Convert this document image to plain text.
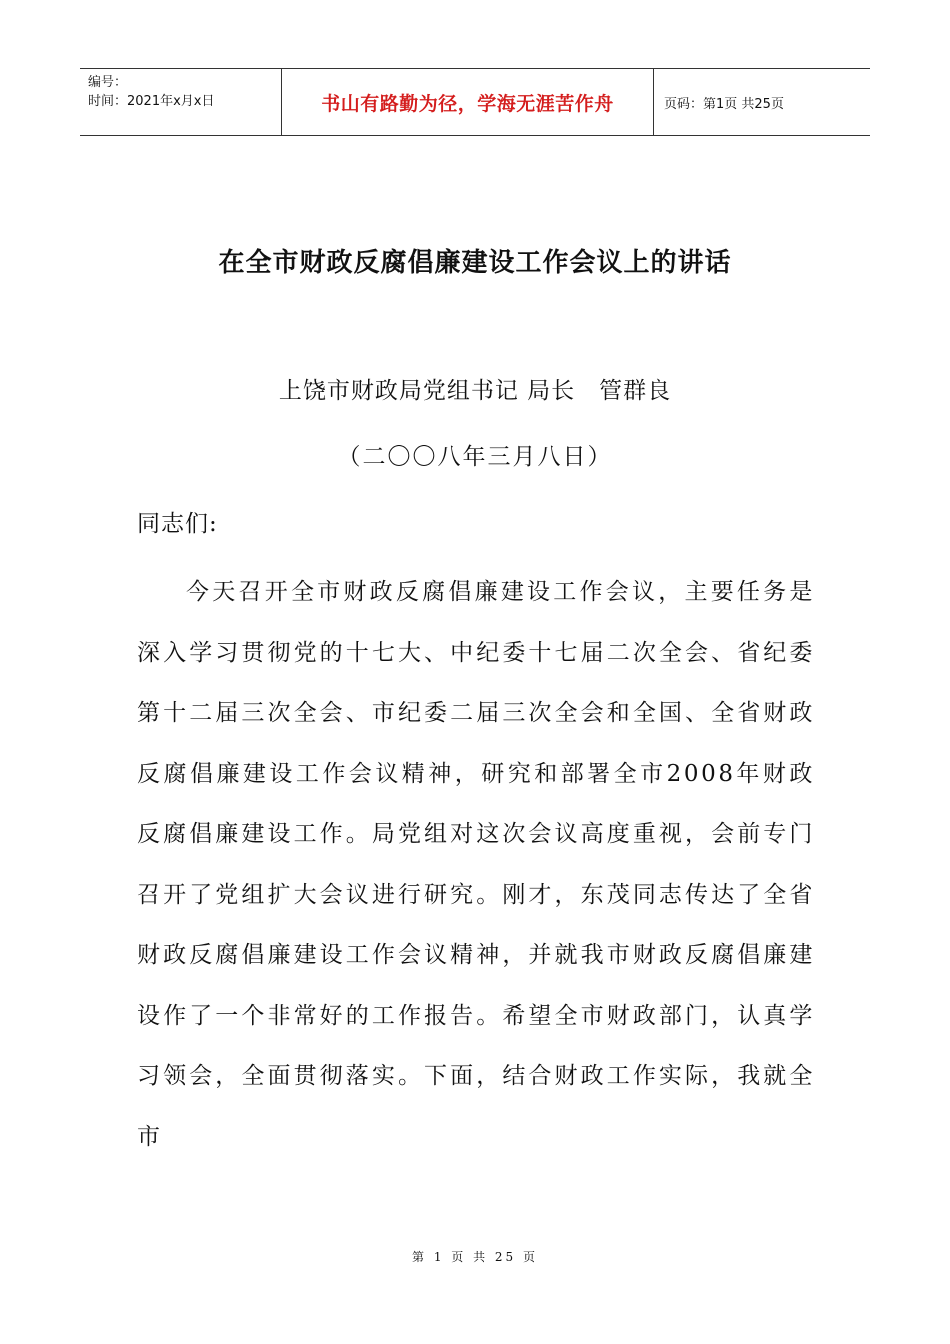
编号：
时间：2021年x月x日	书山有路勤为径，学海无涯苦作舟	页码：第1页 共25页
在全市财政反腐倡廉建设工作会议上的讲话
上饶市财政局党组书记 局长　管群良
（二〇〇八年三月八日）
同志们:
今天召开全市财政反腐倡廉建设工作会议，主要任务是深入学习贯彻党的十七大、中纪委十七届二次全会、省纪委第十二届三次全会、市纪委二届三次全会和全国、全省财政反腐倡廉建设工作会议精神，研究和部署全市2008年财政反腐倡廉建设工作。局党组对这次会议高度重视，会前专门召开了党组扩大会议进行研究。刚才，东茂同志传达了全省财政反腐倡廉建设工作会议精神，并就我市财政反腐倡廉建设作了一个非常好的工作报告。希望全市财政部门，认真学习领会，全面贯彻落实。下面，结合财政工作实际，我就全市
第 1 页 共 25 页
